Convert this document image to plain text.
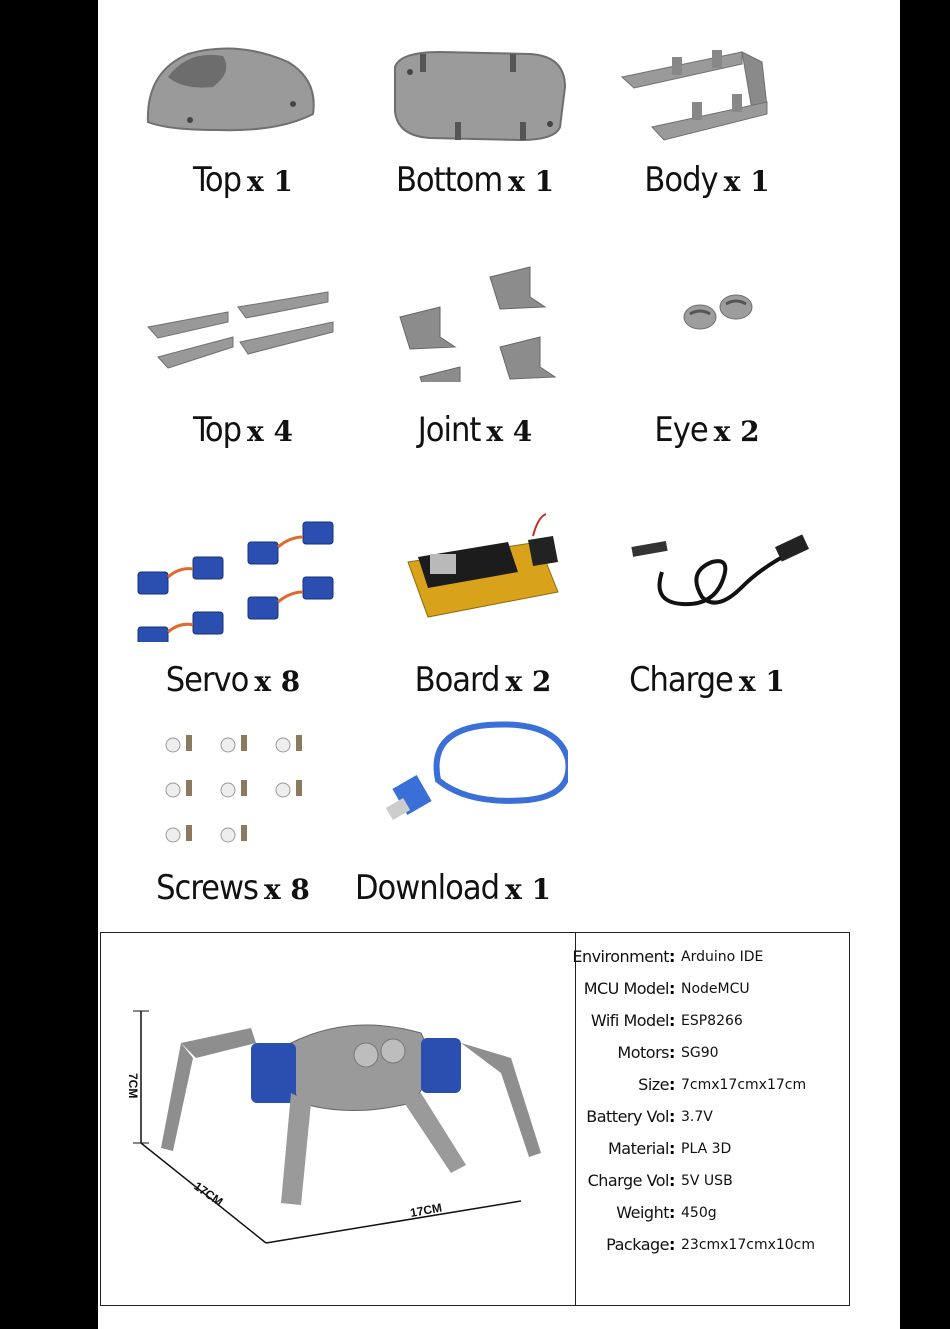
Top x 1	Bottom x 1	Body x 1
Top x 4	Joint x 4	Eye x 2
Servo x 8	Board x 2	Charge x 1
Screws x 8	Download x 1
7CM
17CM
17CM
Environment : Arduino IDE
MCU Model : NodeMCU
Wifi Model : ESP8266
Motors : SG90
Size : 7cmx17cmx17cm
Battery Vol : 3.7V
Material : PLA 3D
Charge Vol : 5V USB
Weight : 450g
Package : 23cmx17cmx10cm
